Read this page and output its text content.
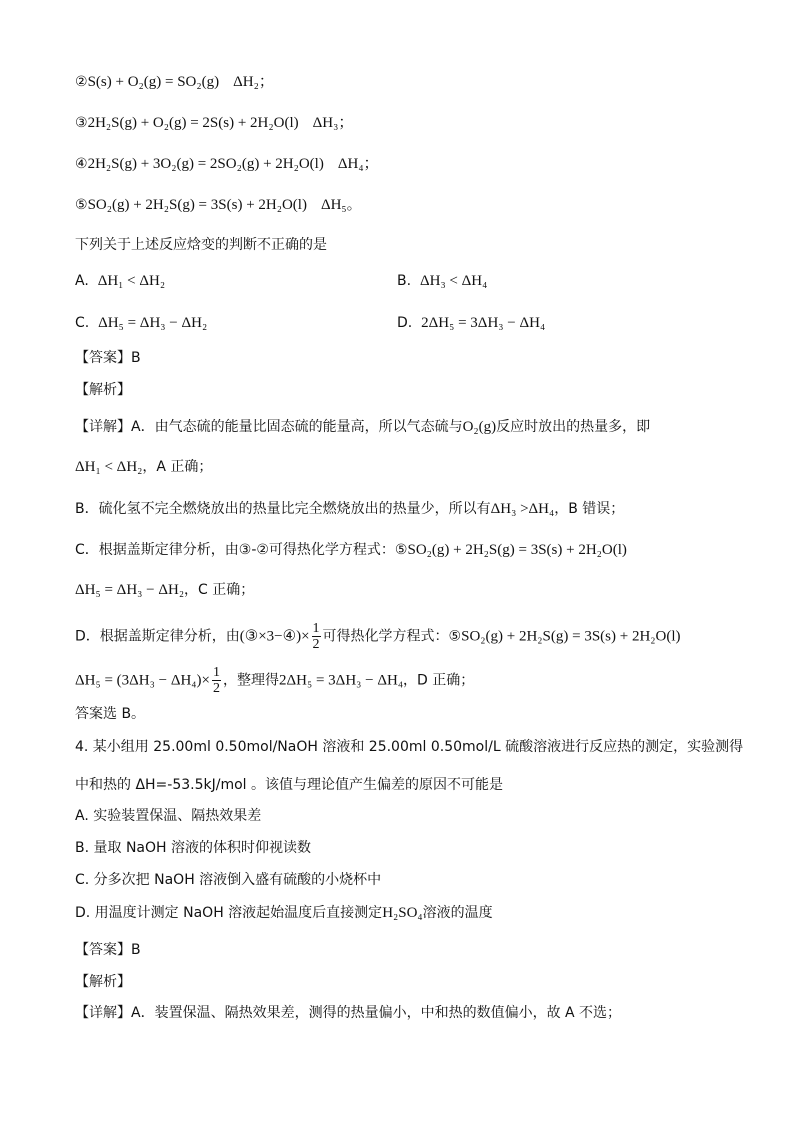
②S(s) + O₂(g) = SO₂(g) ΔH₂；
③2H₂S(g) + O₂(g) = 2S(s) + 2H₂O(l) ΔH₃；
④2H₂S(g) + 3O₂(g) = 2SO₂(g) + 2H₂O(l) ΔH₄；
⑤SO₂(g) + 2H₂S(g) = 3S(s) + 2H₂O(l) ΔH₅。
下列关于上述反应焓变的判断不正确的是
A. ΔH₁ < ΔH₂	B. ΔH₃ < ΔH₄
C. ΔH₅ = ΔH₃ − ΔH₂	D. 2ΔH₅ = 3ΔH₃ − ΔH₄
【答案】B
【解析】
【详解】A．由气态硫的能量比固态硫的能量高，所以气态硫与O₂(g)反应时放出的热量多，即
ΔH₁ < ΔH₂，A 正确；
B．硫化氢不完全燃烧放出的热量比完全燃烧放出的热量少，所以有ΔH₃ >ΔH₄，B 错误；
C．根据盖斯定律分析，由③-②可得热化学方程式：⑤SO₂(g) + 2H₂S(g) = 3S(s) + 2H₂O(l)
ΔH₅ = ΔH₃ − ΔH₂，C 正确；
D．根据盖斯定律分析，由(③×3−④)× $\frac{1}{2}$ 可得热化学方程式：⑤SO₂(g) + 2H₂S(g) = 3S(s) + 2H₂O(l)
$\Delta H_5 = (3\Delta H_3 - \Delta H_4)\times \frac{1}{2}$ ，整理得2ΔH₅ = 3ΔH₃ − ΔH₄，D 正确；
答案选 B。
4. 某小组用 25.00ml 0.50mol/NaOH 溶液和 25.00ml 0.50mol/L 硫酸溶液进行反应热的测定，实验测得
中和热的 ΔH=-53.5kJ/mol 。该值与理论值产生偏差的原因不可能是
A. 实验装置保温、隔热效果差
B. 量取 NaOH 溶液的体积时仰视读数
C. 分多次把 NaOH 溶液倒入盛有硫酸的小烧杯中
D. 用温度计测定 NaOH 溶液起始温度后直接测定H₂SO₄溶液的温度
【答案】B
【解析】
【详解】A．装置保温、隔热效果差，测得的热量偏小，中和热的数值偏小，故 A 不选；
